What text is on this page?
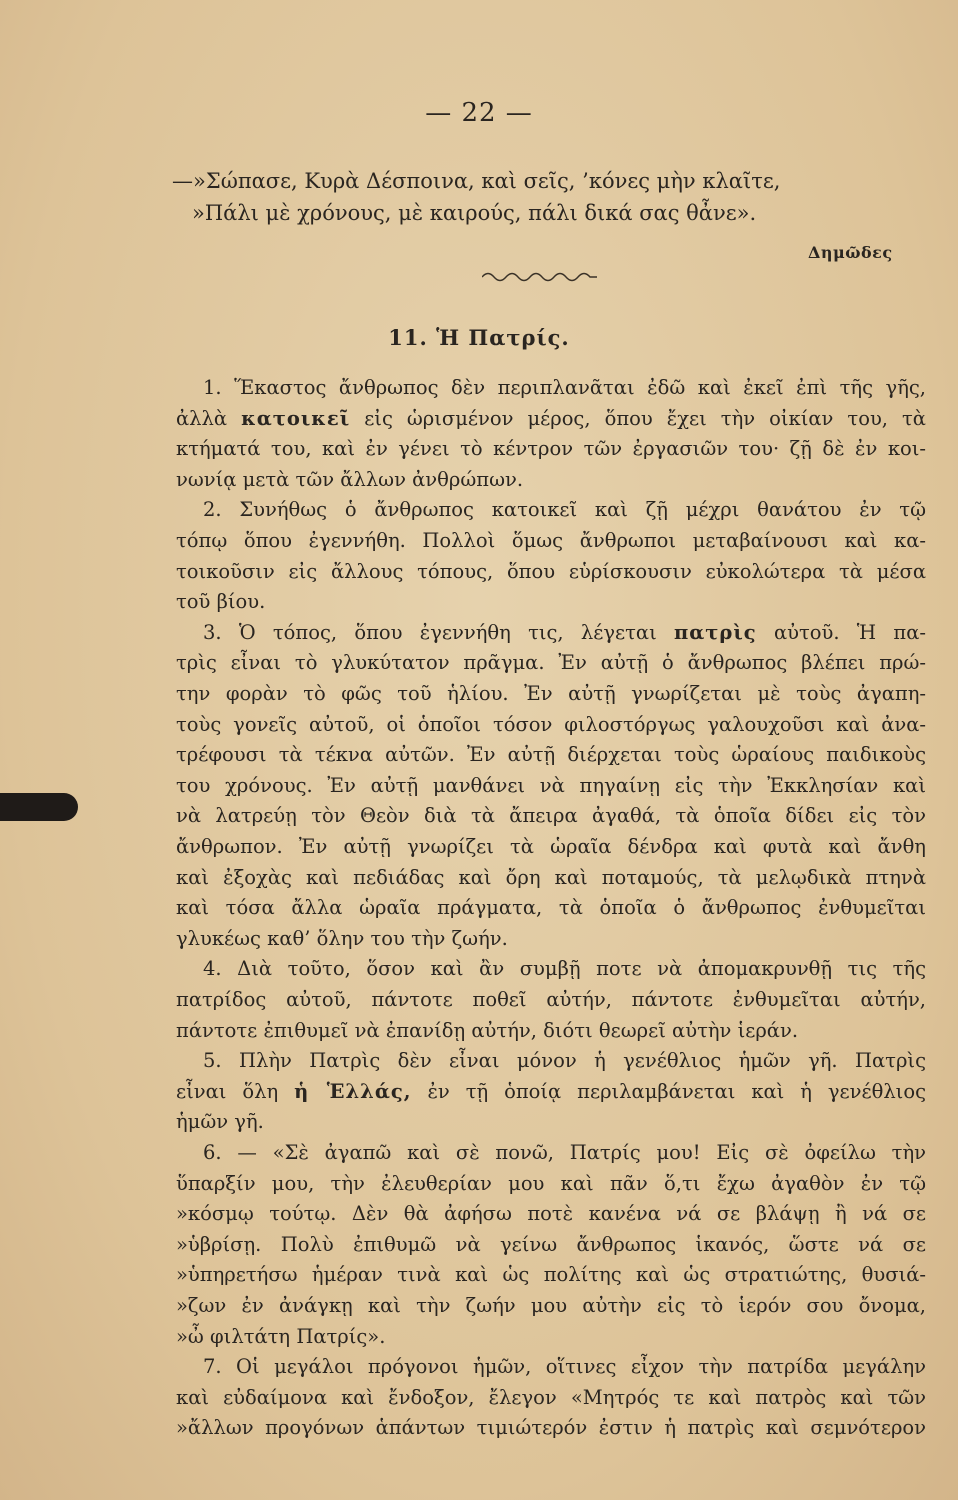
— 22 —
—»Σώπασε, Κυρὰ Δέσποινα, καὶ σεῖς, ’κόνες μὴν κλαῖτε,
»Πάλι μὲ χρόνους, μὲ καιρούς, πάλι δικά σας θἆνε».
Δημῶδες
11. Ἡ Πατρίς.
1. Ἕκαστος ἄνθρωπος δὲν περιπλανᾶται ἐδῶ καὶ ἐκεῖ ἐπὶ τῆς γῆς,
ἀλλὰ κατοικεῖ εἰς ὡρισμένον μέρος, ὅπου ἔχει τὴν οἰκίαν του, τὰ
κτήματά του, καὶ ἐν γένει τὸ κέντρον τῶν ἐργασιῶν του· ζῇ δὲ ἐν κοι-
νωνίᾳ μετὰ τῶν ἄλλων ἀνθρώπων.
2. Συνήθως ὁ ἄνθρωπος κατοικεῖ καὶ ζῇ μέχρι θανάτου ἐν τῷ
τόπῳ ὅπου ἐγεννήθη. Πολλοὶ ὅμως ἄνθρωποι μεταβαίνουσι καὶ κα-
τοικοῦσιν εἰς ἄλλους τόπους, ὅπου εὑρίσκουσιν εὐκολώτερα τὰ μέσα
τοῦ βίου.
3. Ὁ τόπος, ὅπου ἐγεννήθη τις, λέγεται πατρὶς αὐτοῦ. Ἡ πα-
τρὶς εἶναι τὸ γλυκύτατον πρᾶγμα. Ἐν αὐτῇ ὁ ἄνθρωπος βλέπει πρώ-
την φορὰν τὸ φῶς τοῦ ἡλίου. Ἐν αὐτῇ γνωρίζεται μὲ τοὺς ἀγαπη-
τοὺς γονεῖς αὐτοῦ, οἱ ὁποῖοι τόσον φιλοστόργως γαλουχοῦσι καὶ ἀνα-
τρέφουσι τὰ τέκνα αὐτῶν. Ἐν αὐτῇ διέρχεται τοὺς ὡραίους παιδικοὺς
του χρόνους. Ἐν αὐτῇ μανθάνει νὰ πηγαίνῃ εἰς τὴν Ἐκκλησίαν καὶ
νὰ λατρεύῃ τὸν Θεὸν διὰ τὰ ἄπειρα ἀγαθά, τὰ ὁποῖα δίδει εἰς τὸν
ἄνθρωπον. Ἐν αὐτῇ γνωρίζει τὰ ὡραῖα δένδρα καὶ φυτὰ καὶ ἄνθη
καὶ ἐξοχὰς καὶ πεδιάδας καὶ ὄρη καὶ ποταμούς, τὰ μελῳδικὰ πτηνὰ
καὶ τόσα ἄλλα ὡραῖα πράγματα, τὰ ὁποῖα ὁ ἄνθρωπος ἐνθυμεῖται
γλυκέως καθ’ ὅλην του τὴν ζωήν.
4. Διὰ τοῦτο, ὅσον καὶ ἂν συμβῇ ποτε νὰ ἀπομακρυνθῇ τις τῆς
πατρίδος αὐτοῦ, πάντοτε ποθεῖ αὐτήν, πάντοτε ἐνθυμεῖται αὐτήν,
πάντοτε ἐπιθυμεῖ νὰ ἐπανίδῃ αὐτήν, διότι θεωρεῖ αὐτὴν ἱεράν.
5. Πλὴν Πατρὶς δὲν εἶναι μόνον ἡ γενέθλιος ἡμῶν γῆ. Πατρὶς
εἶναι ὅλη ἡ Ἑλλάς, ἐν τῇ ὁποίᾳ περιλαμβάνεται καὶ ἡ γενέθλιος
ἡμῶν γῆ.
6. — «Σὲ ἀγαπῶ καὶ σὲ πονῶ, Πατρίς μου! Εἰς σὲ ὀφείλω τὴν
ὕπαρξίν μου, τὴν ἐλευθερίαν μου καὶ πᾶν ὅ,τι ἔχω ἀγαθὸν ἐν τῷ
»κόσμῳ τούτῳ. Δὲν θὰ ἀφήσω ποτὲ κανένα νά σε βλάψῃ ἢ νά σε
»ὑβρίσῃ. Πολὺ ἐπιθυμῶ νὰ γείνω ἄνθρωπος ἱκανός, ὥστε νά σε
»ὑπηρετήσω ἡμέραν τινὰ καὶ ὡς πολίτης καὶ ὡς στρατιώτης, θυσιά-
»ζων ἐν ἀνάγκῃ καὶ τὴν ζωήν μου αὐτὴν εἰς τὸ ἱερόν σου ὄνομα,
»ὦ φιλτάτη Πατρίς».
7. Οἱ μεγάλοι πρόγονοι ἡμῶν, οἵτινες εἶχον τὴν πατρίδα μεγάλην
καὶ εὐδαίμονα καὶ ἔνδοξον, ἔλεγον «Μητρός τε καὶ πατρὸς καὶ τῶν
»ἄλλων προγόνων ἁπάντων τιμιώτερόν ἐστιν ἡ πατρὶς καὶ σεμνότερον
